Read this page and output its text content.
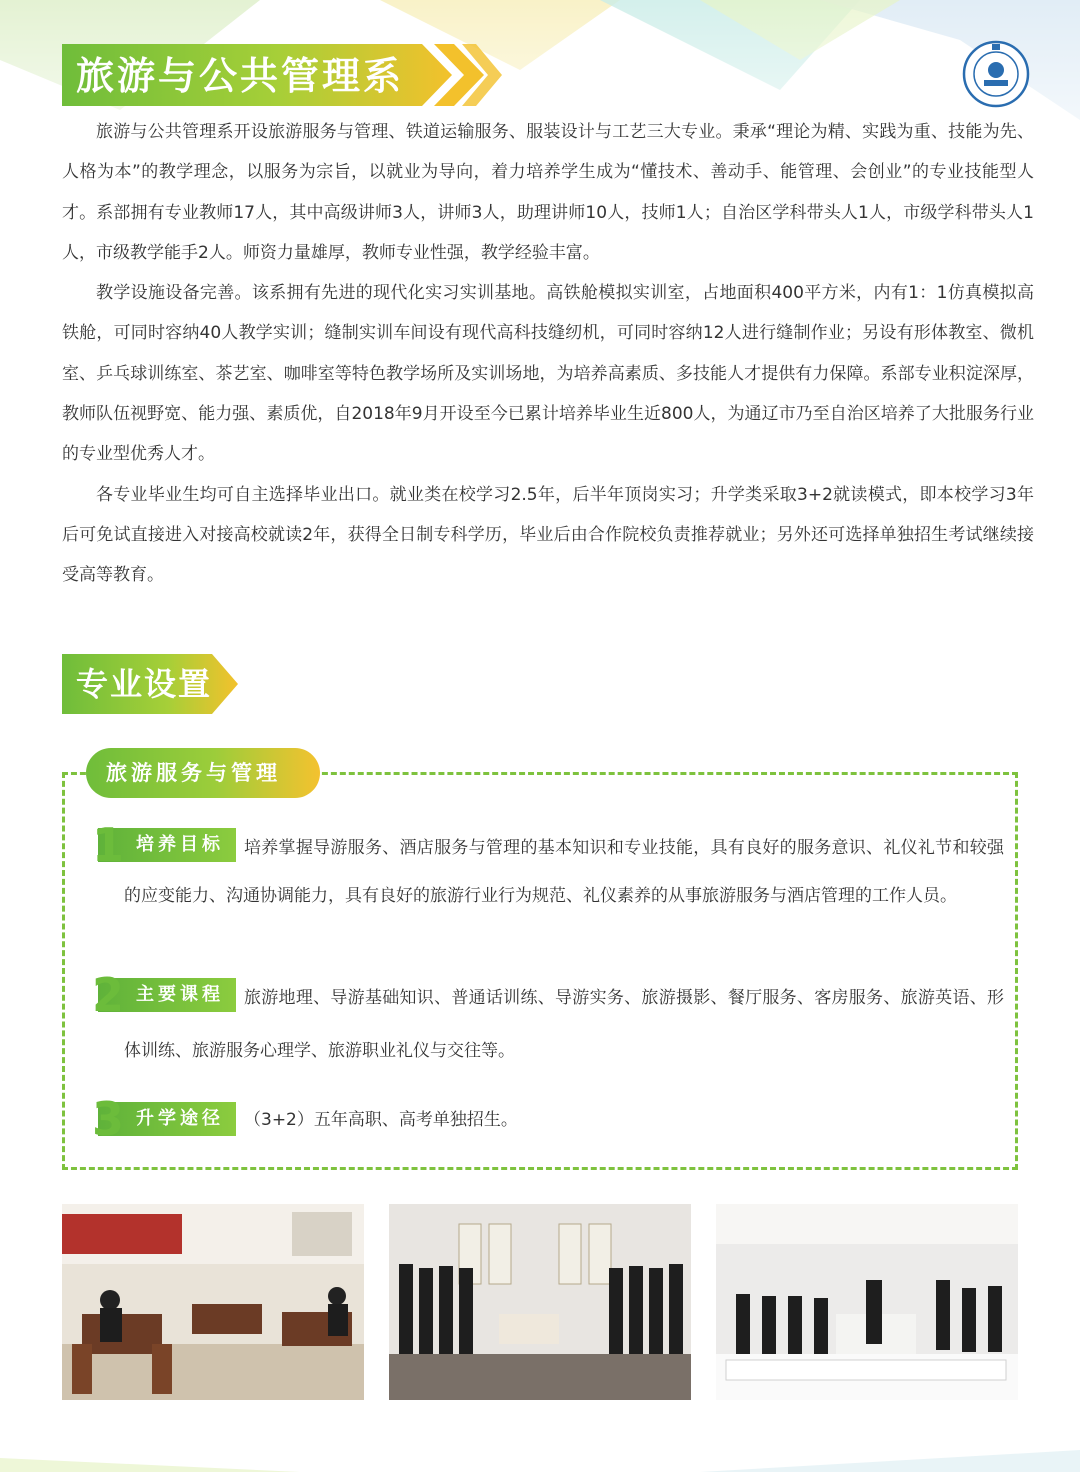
旅游与公共管理系

旅游与公共管理系开设旅游服务与管理、铁道运输服务、服装设计与工艺三大专业。秉承“理论为精、实践为重、技能为先、人格为本”的教学理念，以服务为宗旨，以就业为导向，着力培养学生成为“懂技术、善动手、能管理、会创业”的专业技能型人才。系部拥有专业教师17人，其中高级讲师3人，讲师3人，助理讲师10人，技师1人；自治区学科带头人1人，市级学科带头人1人，市级教学能手2人。师资力量雄厚，教师专业性强，教学经验丰富。

教学设施设备完善。该系拥有先进的现代化实习实训基地。高铁舱模拟实训室，占地面积400平方米，内有1：1仿真模拟高铁舱，可同时容纳40人教学实训；缝制实训车间设有现代高科技缝纫机，可同时容纳12人进行缝制作业；另设有形体教室、微机室、乒乓球训练室、茶艺室、咖啡室等特色教学场所及实训场地，为培养高素质、多技能人才提供有力保障。系部专业积淀深厚，教师队伍视野宽、能力强、素质优，自2018年9月开设至今已累计培养毕业生近800人，为通辽市乃至自治区培养了大批服务行业的专业型优秀人才。

各专业毕业生均可自主选择毕业出口。就业类在校学习2.5年，后半年顶岗实习；升学类采取3+2就读模式，即本校学习3年后可免试直接进入对接高校就读2年，获得全日制专科学历，毕业后由合作院校负责推荐就业；另外还可选择单独招生考试继续接受高等教育。

专业设置
旅游服务与管理
培养目标
1	培养掌握导游服务、酒店服务与管理的基本知识和专业技能，具有良好的服务意识、礼仪礼节和较强的应变能力、沟通协调能力，具有良好的旅游行业行为规范、礼仪素养的从事旅游服务与酒店管理的工作人员。
主要课程
2	旅游地理、导游基础知识、普通话训练、导游实务、旅游摄影、餐厅服务、客房服务、旅游英语、形体训练、旅游服务心理学、旅游职业礼仪与交往等。
升学途径
3	（3+2）五年高职、高考单独招生。
